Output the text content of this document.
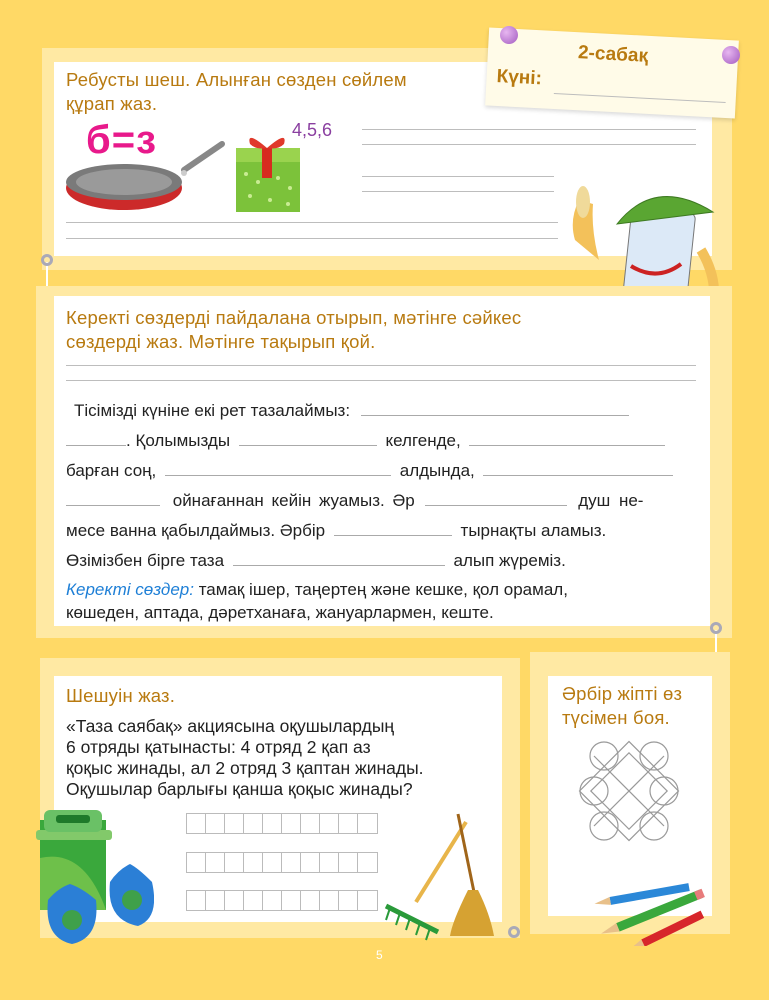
Ребусты шеш. Алынған сөзден сөйлем
құрап жаз.
б=з	4,5,6
2-сабақ
Күні:
Керекті сөздерді пайдалана отырып, мәтінге сәйкес
сөздерді жаз. Мәтінге тақырып қой.
Тісімізді күніне екі рет тазалаймыз:
. Қолымызды	келгенде,
барған соң,	алдында,
ойнағаннан кейін жуамыз. Әр	душ не-
месе ванна қабылдаймыз. Әрбір	тырнақты аламыз.
Өзімізбен бірге таза	алып жүреміз.
Керекті сөздер: тамақ ішер, таңертең және кешке, қол орамал,
көшеден, аптада, дәретханаға, жануарлармен, кеште.
Шешуін жаз.
«Таза саябақ» акциясына оқушылардың
6 отряды қатынасты: 4 отряд 2 қап аз
қоқыс жинады, ал 2 отряд 3 қаптан жинады.
Оқушылар барлығы қанша қоқыс жинады?
Әрбір жіпті өз
түсімен боя.
5
